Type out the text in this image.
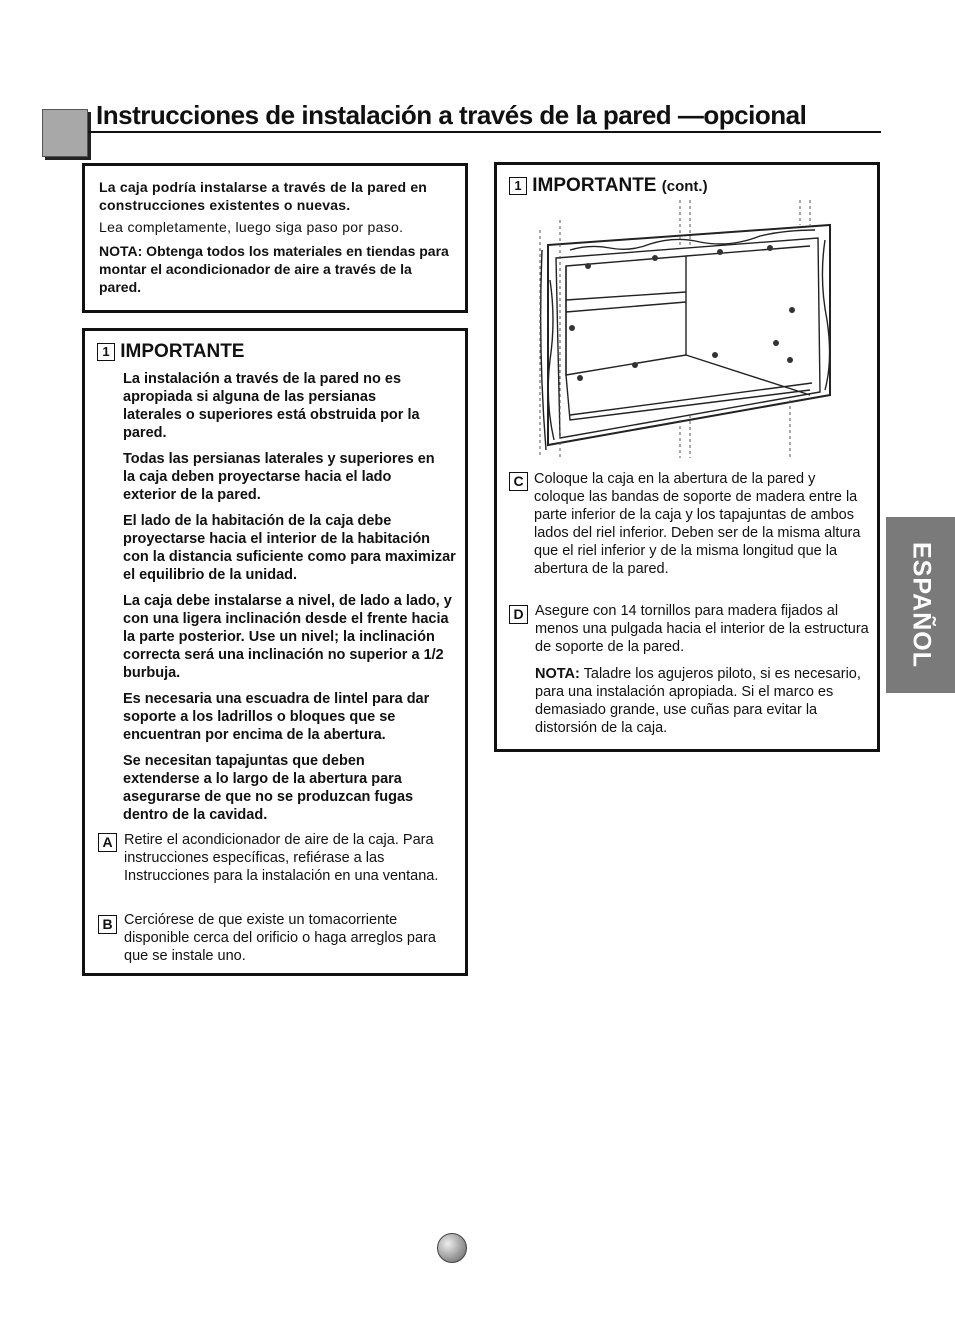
Instrucciones de instalación a través de la pared —opcional

La caja podría instalarse a través de la pared en construcciones existentes o nuevas.

Lea completamente, luego siga paso por paso.

NOTA: Obtenga todos los materiales en tiendas para montar el acondicionador de aire a través de la pared.

1 IMPORTANTE

La instalación a través de la pared no es apropiada si alguna de las persianas laterales o superiores está obstruida por la pared.

Todas las persianas laterales y superiores en la caja deben proyectarse hacia el lado exterior de la pared.

El lado de la habitación de la caja debe proyectarse hacia el interior de la habitación con la distancia suficiente como para maximizar el equilibrio de la unidad.

La caja debe instalarse a nivel, de lado a lado, y con una ligera inclinación desde el frente hacia la parte posterior. Use un nivel; la inclinación correcta será una inclinación no superior a 1/2 burbuja.

Es necesaria una escuadra de lintel para dar soporte a los ladrillos o bloques que se encuentran por encima de la abertura.

Se necesitan tapajuntas que deben extenderse a lo largo de la abertura para asegurarse de que no se produzcan fugas dentro de la cavidad.

A Retire el acondicionador de aire de la caja. Para instrucciones específicas, refiérase a las Instrucciones para la instalación en una ventana.

B Cerciórese de que existe un tomacorriente disponible cerca del orificio o haga arreglos para que se instale uno.

1 IMPORTANTE (cont.)
C Coloque la caja en la abertura de la pared y coloque las bandas de soporte de madera entre la parte inferior de la caja y los tapajuntas de ambos lados del riel inferior. Deben ser de la misma altura que el riel inferior y de la misma longitud que la abertura de la pared.

D Asegure con 14 tornillos para madera fijados al menos una pulgada hacia el interior de la estructura de soporte de la pared.

NOTA: Taladre los agujeros piloto, si es necesario, para una instalación apropiada. Si el marco es demasiado grande, use cuñas para evitar la distorsión de la caja.

ESPAÑOL
